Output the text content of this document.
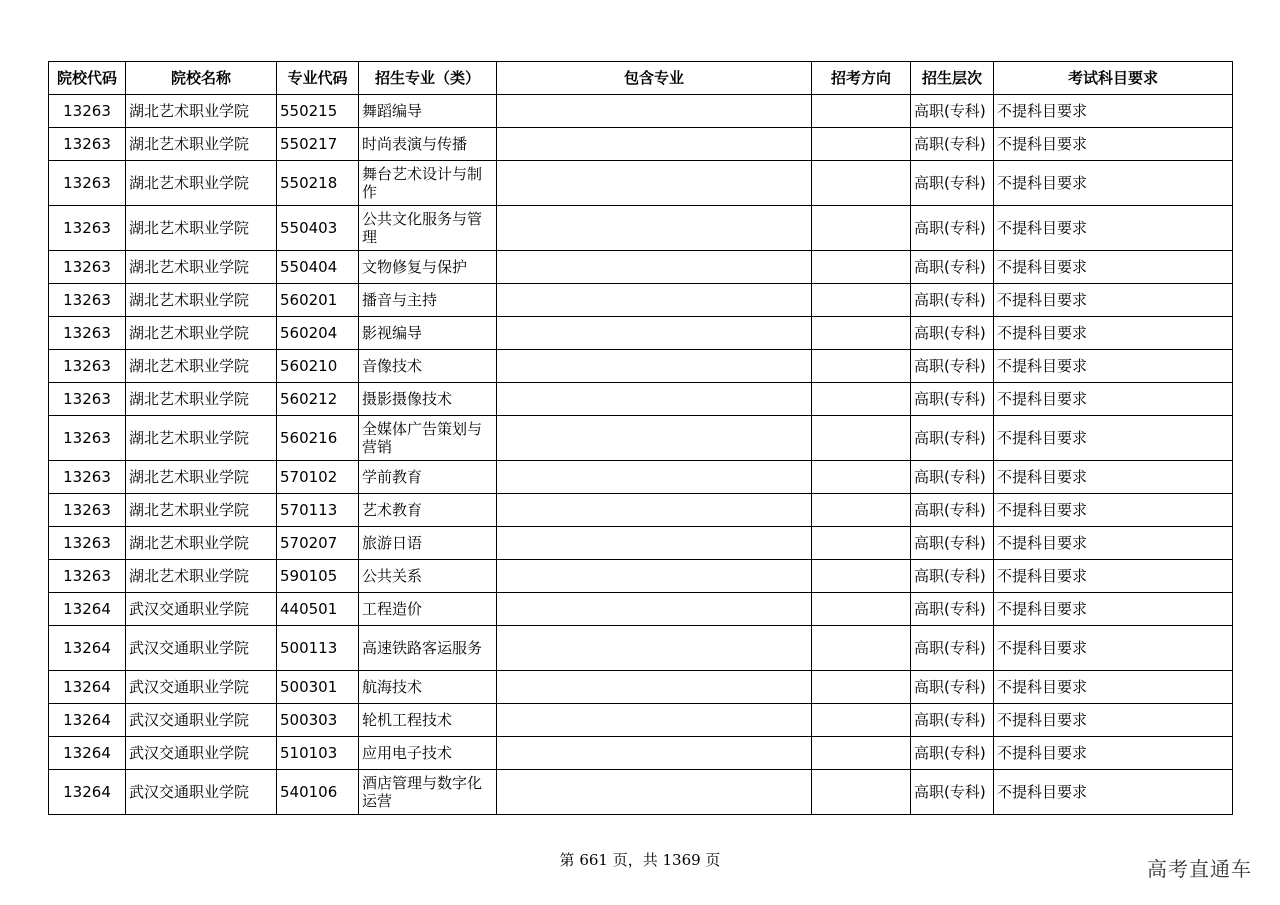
院校代码	院校名称	专业代码	招生专业（类）	包含专业	招考方向	招生层次	考试科目要求
13263	湖北艺术职业学院	550215	舞蹈编导			高职(专科)	不提科目要求
13263	湖北艺术职业学院	550217	时尚表演与传播			高职(专科)	不提科目要求
13263	湖北艺术职业学院	550218	舞台艺术设计与制作			高职(专科)	不提科目要求
13263	湖北艺术职业学院	550403	公共文化服务与管理			高职(专科)	不提科目要求
13263	湖北艺术职业学院	550404	文物修复与保护			高职(专科)	不提科目要求
13263	湖北艺术职业学院	560201	播音与主持			高职(专科)	不提科目要求
13263	湖北艺术职业学院	560204	影视编导			高职(专科)	不提科目要求
13263	湖北艺术职业学院	560210	音像技术			高职(专科)	不提科目要求
13263	湖北艺术职业学院	560212	摄影摄像技术			高职(专科)	不提科目要求
13263	湖北艺术职业学院	560216	全媒体广告策划与营销			高职(专科)	不提科目要求
13263	湖北艺术职业学院	570102	学前教育			高职(专科)	不提科目要求
13263	湖北艺术职业学院	570113	艺术教育			高职(专科)	不提科目要求
13263	湖北艺术职业学院	570207	旅游日语			高职(专科)	不提科目要求
13263	湖北艺术职业学院	590105	公共关系			高职(专科)	不提科目要求
13264	武汉交通职业学院	440501	工程造价			高职(专科)	不提科目要求
13264	武汉交通职业学院	500113	高速铁路客运服务			高职(专科)	不提科目要求
13264	武汉交通职业学院	500301	航海技术			高职(专科)	不提科目要求
13264	武汉交通职业学院	500303	轮机工程技术			高职(专科)	不提科目要求
13264	武汉交通职业学院	510103	应用电子技术			高职(专科)	不提科目要求
13264	武汉交通职业学院	540106	酒店管理与数字化运营			高职(专科)	不提科目要求
第 661 页，共 1369 页	高考直通车
